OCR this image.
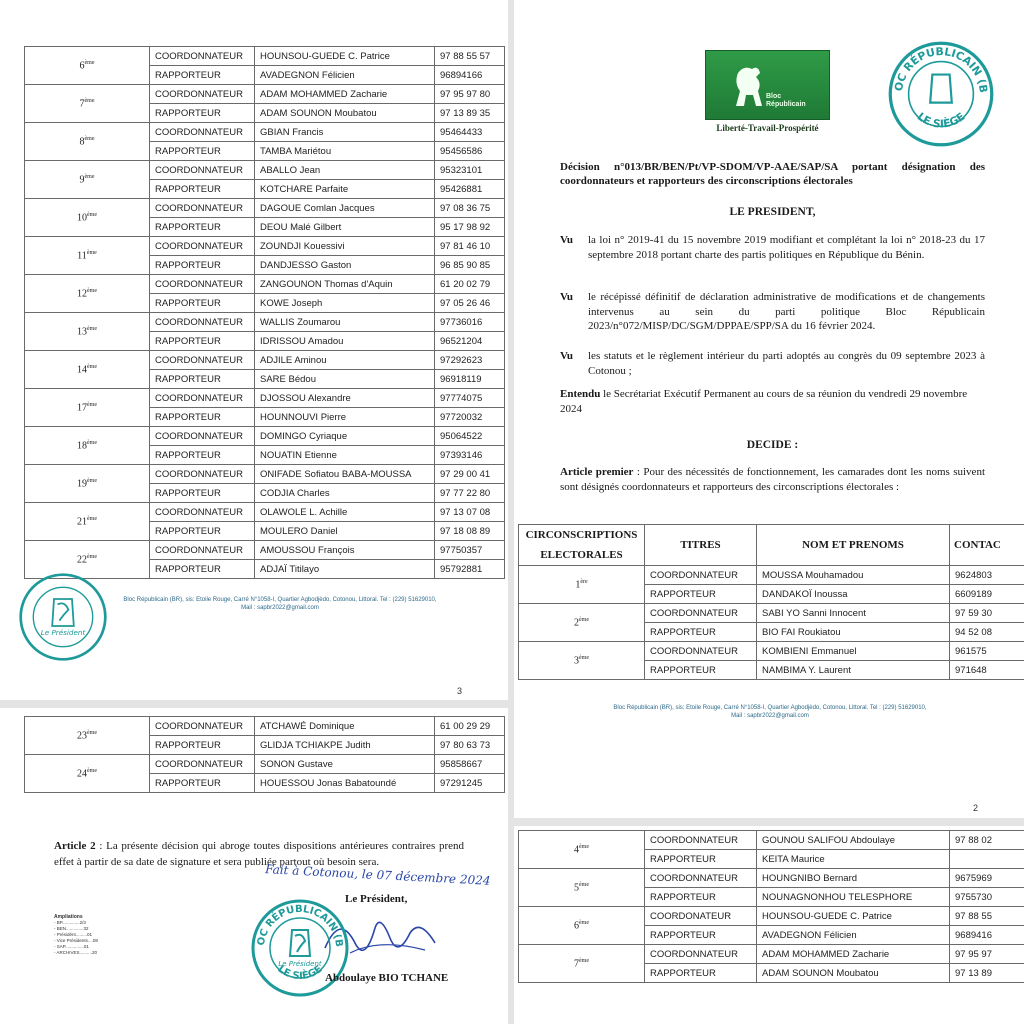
6ème	COORDONNATEUR	HOUNSOU-GUEDE C. Patrice	97 88 55 57
	RAPPORTEUR	AVADEGNON Félicien	96894166
7ème	COORDONNATEUR	ADAM MOHAMMED Zacharie	97 95 97 80
	RAPPORTEUR	ADAM SOUNON Moubatou	97 13 89 35
8ème	COORDONNATEUR	GBIAN Francis	95464433
	RAPPORTEUR	TAMBA Mariétou	95456586
9ème	COORDONNATEUR	ABALLO Jean	95323101
	RAPPORTEUR	KOTCHARE Parfaite	95426881
10ème	COORDONNATEUR	DAGOUE Comlan Jacques	97 08 36 75
	RAPPORTEUR	DEOU Malé Gilbert	95 17 98 92
11ème	COORDONNATEUR	ZOUNDJI Kouessivi	97 81 46 10
	RAPPORTEUR	DANDJESSO Gaston	96 85 90 85
12ème	COORDONNATEUR	ZANGOUNON Thomas d'Aquin	61 20 02 79
	RAPPORTEUR	KOWE Joseph	97 05 26 46
13ème	COORDONNATEUR	WALLIS Zoumarou	97736016
	RAPPORTEUR	IDRISSOU Amadou	96521204
14ème	COORDONNATEUR	ADJILE Aminou	97292623
	RAPPORTEUR	SARE Bédou	96918119
17ème	COORDONNATEUR	DJOSSOU Alexandre	97774075
	RAPPORTEUR	HOUNNOUVI Pierre	97720032
18ème	COORDONNATEUR	DOMINGO Cyriaque	95064522
	RAPPORTEUR	NOUATIN Etienne	97393146
19ème	COORDONNATEUR	ONIFADE Sofiatou BABA-MOUSSA	97 29 00 41
	RAPPORTEUR	CODJIA Charles	97 77 22 80
21ème	COORDONNATEUR	OLAWOLE L. Achille	97 13 07 08
	RAPPORTEUR	MOULERO Daniel	97 18 08 89
22ème	COORDONNATEUR	AMOUSSOU François	97750357
	RAPPORTEUR	ADJAÏ Titilayo	95792881
Le Président
Bloc Républicain (BR), sis: Etoile Rouge, Carré N°1058-I, Quartier Agbodjèdo, Cotonou, Littoral. Tel : (229) 51629010,
Mail : sapbr2022@gmail.com
3
23ème	COORDONNATEUR	ATCHAWÉ Dominique	61 00 29 29
	RAPPORTEUR	GLIDJA TCHIAKPE Judith	97 80 63 73
24ème	COORDONNATEUR	SONON Gustave	95858667
	RAPPORTEUR	HOUESSOU Jonas Babatoundé	97291245
Article 2 : La présente décision qui abroge toutes dispositions antérieures contraires prend effet à partir de sa date de signature et sera publiée partout où besoin sera.
Fait à Cotonou, le 07 décembre 2024
Le Président,
OC RÉPUBLICAIN (B
LE SIÈGE
Le Président
Abdoulaye BIO TCHANE
Ampliations
- BP..............2/3
- BEN..............32
- Présidént.........01
- Vice Présidents....08
- SAP...............01
- ARCHIVES..........20
Bloc Républicain
Liberté-Travail-Prospérité
OC RÉPUBLICAIN (B
LE SIÈGE
Décision n°013/BR/BEN/Pt/VP-SDOM/VP-AAE/SAP/SA portant désignation des coordonnateurs et rapporteurs des circonscriptions électorales
LE PRESIDENT,
Vu la loi n° 2019-41 du 15 novembre 2019 modifiant et complétant la loi n° 2018-23 du 17 septembre 2018 portant charte des partis politiques en République du Bénin.
Vu le récépissé définitif de déclaration administrative de modifications et de changements intervenus au sein du parti politique Bloc Républicain 2023/n°072/MISP/DC/SGM/DPPAE/SPP/SA du 16 février 2024.
Vu les statuts et le règlement intérieur du parti adoptés au congrès du 09 septembre 2023 à Cotonou ;
Entendu le Secrétariat Exécutif Permanent au cours de sa réunion du vendredi 29 novembre 2024
DECIDE :
Article premier : Pour des nécessités de fonctionnement, les camarades dont les noms suivent sont désignés coordonnateurs et rapporteurs des circonscriptions électorales :
CIRCONSCRIPTIONS ELECTORALES	TITRES	NOM ET PRENOMS	CONTAC
1ère	COORDONNATEUR	MOUSSA Mouhamadou	9624803
	RAPPORTEUR	DANDAKOÏ Inoussa	6609189
2ème	COORDONNATEUR	SABI YO Sanni Innocent	97 59 30
	RAPPORTEUR	BIO FAI Roukiatou	94 52 08
3ème	COORDONNATEUR	KOMBIENI Emmanuel	961575
	RAPPORTEUR	NAMBIMA Y. Laurent	971648
Bloc Républicain (BR), sis: Etoile Rouge, Carré N°1058-I, Quartier Agbodjèdo, Cotonou, Littoral. Tel : (229) 51629010,
Mail : sapbr2022@gmail.com
2
4ème	COORDONNATEUR	GOUNOU SALIFOU Abdoulaye	97 88 02
	RAPPORTEUR	KEITA Maurice	
5ème	COORDONNATEUR	HOUNGNIBO Bernard	9675969
	RAPPORTEUR	NOUNAGNONHOU TELESPHORE	9755730
6ème	COORDONATEUR	HOUNSOU-GUEDE C. Patrice	97 88 55
	RAPPORTEUR	AVADEGNON Félicien	9689416
7ème	COORDONNATEUR	ADAM MOHAMMED Zacharie	97 95 97
	RAPPORTEUR	ADAM SOUNON Moubatou	97 13 89
